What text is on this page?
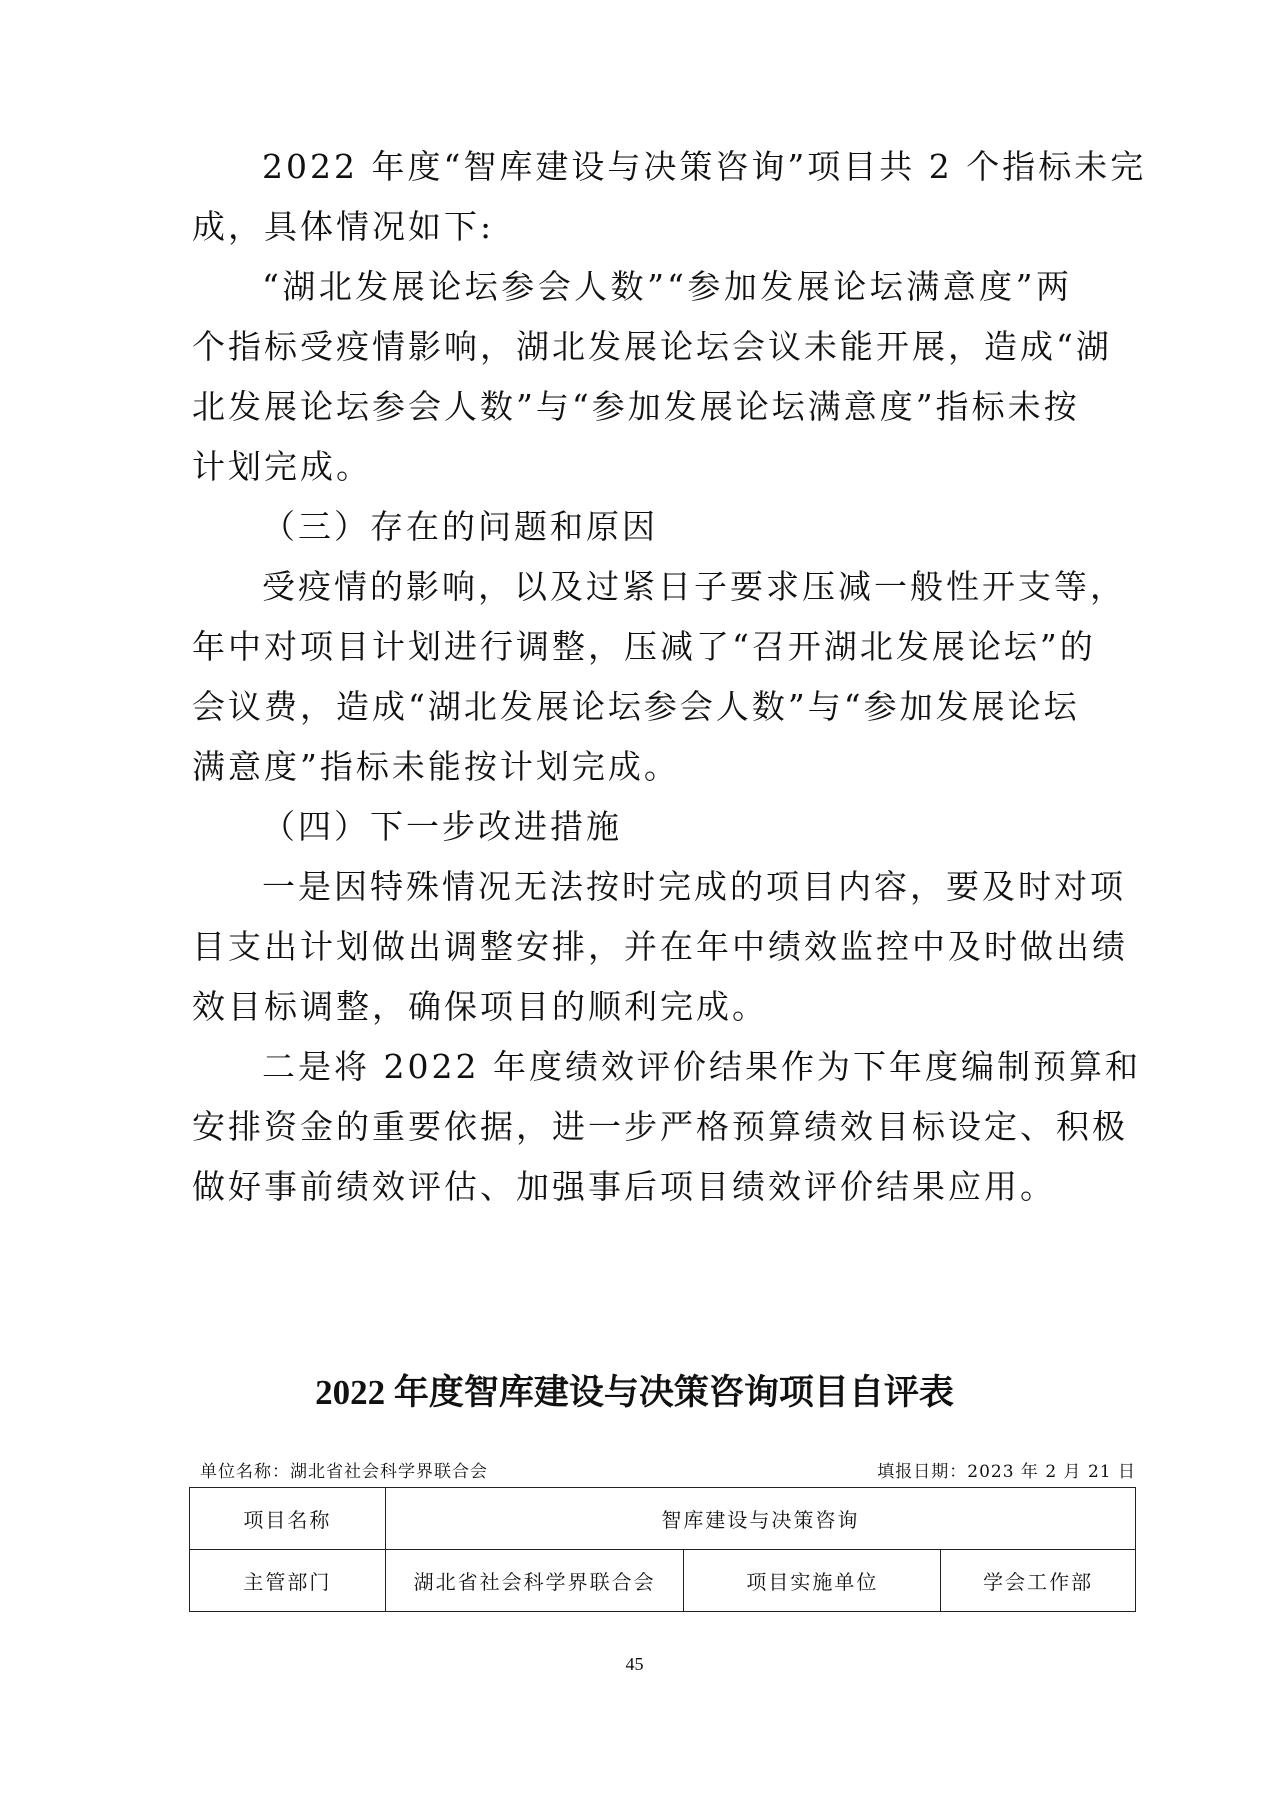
2022 年度“智库建设与决策咨询”项目共 2 个指标未完
成，具体情况如下:
“湖北发展论坛参会人数”“参加发展论坛满意度”两
个指标受疫情影响，湖北发展论坛会议未能开展，造成“湖
北发展论坛参会人数”与“参加发展论坛满意度”指标未按
计划完成。
（三）存在的问题和原因
受疫情的影响，以及过紧日子要求压减一般性开支等，
年中对项目计划进行调整，压减了“召开湖北发展论坛”的
会议费，造成“湖北发展论坛参会人数”与“参加发展论坛
满意度”指标未能按计划完成。
（四）下一步改进措施
一是因特殊情况无法按时完成的项目内容，要及时对项
目支出计划做出调整安排，并在年中绩效监控中及时做出绩
效目标调整，确保项目的顺利完成。
二是将 2022 年度绩效评价结果作为下年度编制预算和
安排资金的重要依据，进一步严格预算绩效目标设定、积极
做好事前绩效评估、加强事后项目绩效评价结果应用。
2022 年度智库建设与决策咨询项目自评表
单位名称：湖北省社会科学界联合会	填报日期：2023 年 2 月 21 日
项目名称	智库建设与决策咨询		
主管部门	湖北省社会科学界联合会	项目实施单位	学会工作部
45
